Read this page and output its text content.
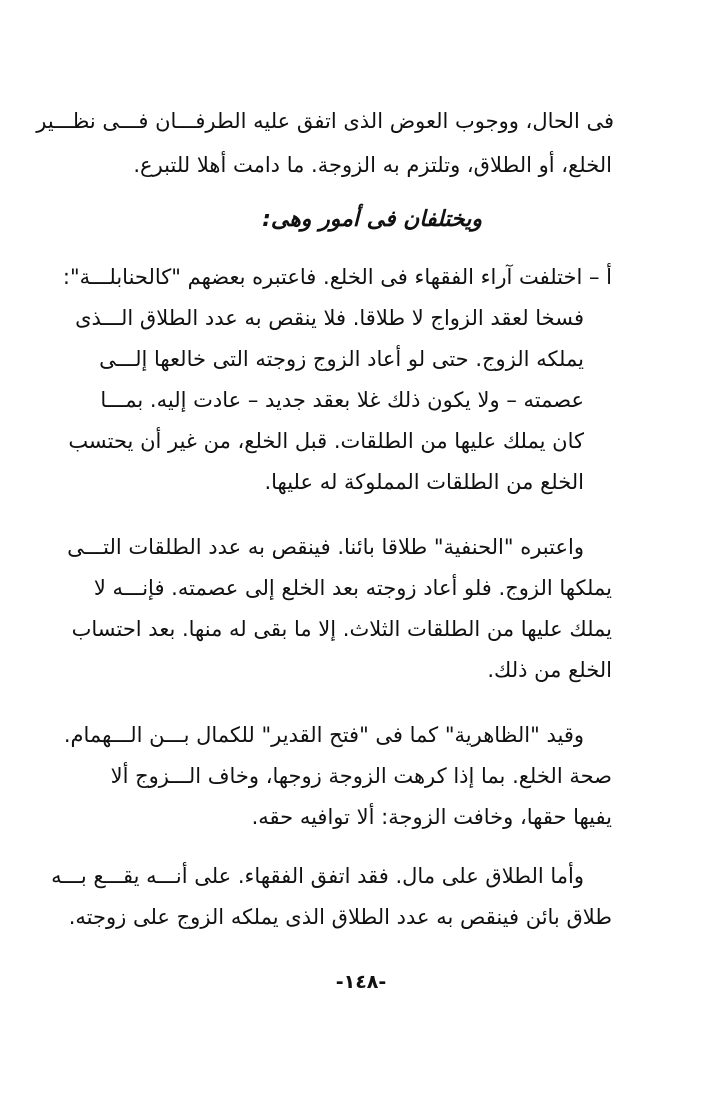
فى الحال، ووجوب العوض الذى اتفق عليه الطرفـــان فـــى نظـــير
الخلع، أو الطلاق، وتلتزم به الزوجة. ما دامت أهلا للتبرع.
ويختلفان فى أمور وهى:
أ – اختلفت آراء الفقهاء فى الخلع. فاعتبره بعضهم "كالحنابلـــة":
فسخا لعقد الزواج لا طلاقا. فلا ينقص به عدد الطلاق الـــذى
يملكه الزوج. حتى لو أعاد الزوج زوجته التى خالعها إلـــى
عصمته – ولا يكون ذلك غلا بعقد جديد – عادت إليه. بمـــا
كان يملك عليها من الطلقات. قبل الخلع، من غير أن يحتسب
الخلع من الطلقات المملوكة له عليها.
واعتبره "الحنفية" طلاقا بائنا. فينقص به عدد الطلقات التـــى
يملكها الزوج. فلو أعاد زوجته بعد الخلع إلى عصمته. فإنـــه لا
يملك عليها من الطلقات الثلاث. إلا ما بقى له منها. بعد احتساب
الخلع من ذلك.
وقيد "الظاهرية" كما فى "فتح القدير" للكمال بـــن الـــهمام.
صحة الخلع. بما إذا كرهت الزوجة زوجها، وخاف الـــزوج ألا
يفيها حقها، وخافت الزوجة: ألا توافيه حقه.
وأما الطلاق على مال. فقد اتفق الفقهاء. على أنـــه يقـــع بـــه
طلاق بائن فينقص به عدد الطلاق الذى يملكه الزوج على زوجته.
-١٤٨-
